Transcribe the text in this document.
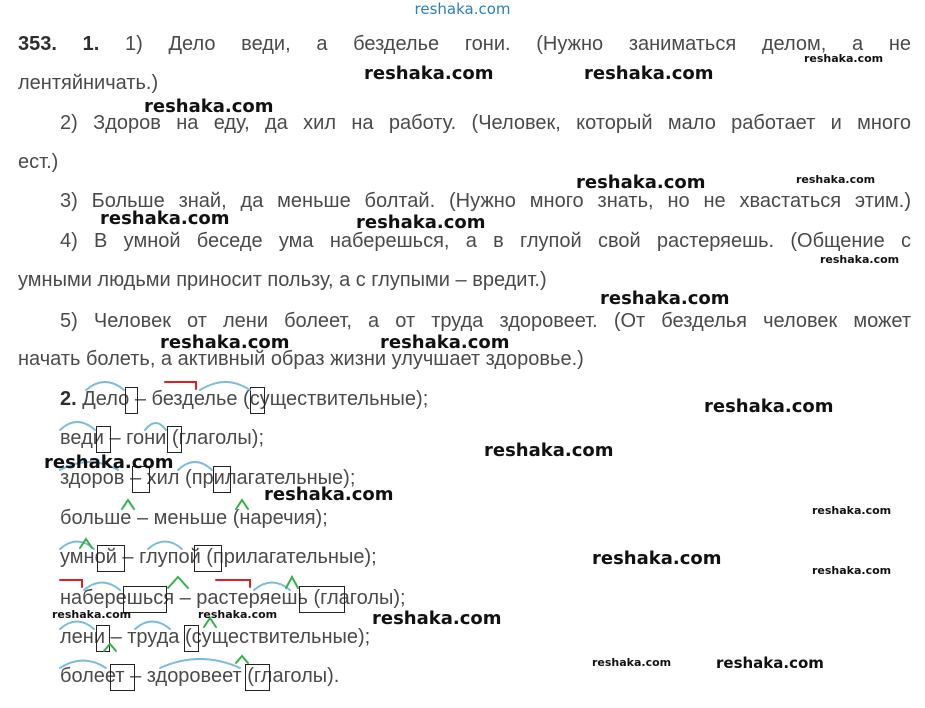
reshaka.com
353. 1. 1) Дело веди, а безделье гони. (Нужно заниматься делом, а не
лентяйничать.)
2) Здоров на еду, да хил на работу. (Человек, который мало работает и много
ест.)
3) Больше знай, да меньше болтай. (Нужно много знать, но не хвастаться этим.)
4) В умной беседе ума наберешься, а в глупой свой растеряешь. (Общение с
умными людьми приносит пользу, а с глупыми – вредит.)
5) Человек от лени болеет, а от труда здоровеет. (От безделья человек может
начать болеть, а активный образ жизни улучшает здоровье.)
2. Дело – безделье (существительные);
веди – гони (глаголы);
здоров – хил (прилагательные);
больше – меньше (наречия);
умной – глупой (прилагательные);
наберешься – растеряешь (глаголы);
лени – труда (существительные);
болеет – здоровеет (глаголы).
reshaka.com	reshaka.com
reshaka.com
reshaka.com
reshaka.com	reshaka.com
reshaka.com	reshaka.com
reshaka.com
reshaka.com
reshaka.com	reshaka.com
reshaka.com
reshaka.com
reshaka.com
reshaka.com
reshaka.com
reshaka.com
reshaka.com
reshaka.com	reshaka.com	reshaka.com
reshaka.com	reshaka.com
